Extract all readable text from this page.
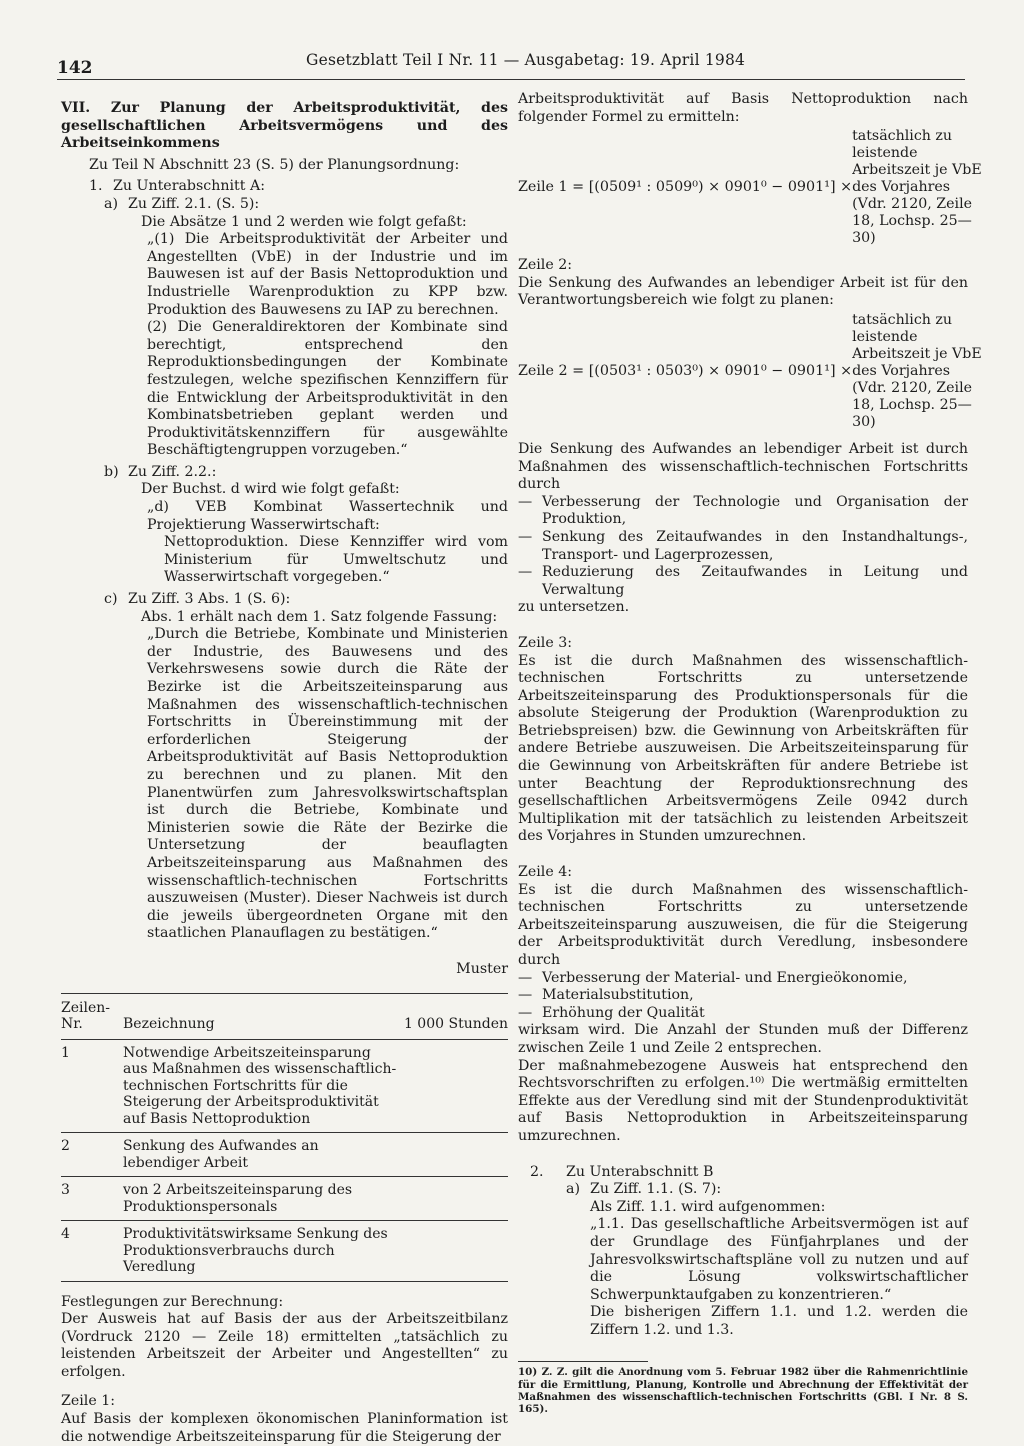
142	Gesetzblatt Teil I Nr. 11 — Ausgabetag: 19. April 1984

VII. Zur Planung der Arbeitsproduktivität, des gesellschaftlichen Arbeitsvermögens und des Arbeitseinkommens

Zu Teil N Abschnitt 23 (S. 5) der Planungsordnung:

1. Zu Unterabschnitt A:
a) Zu Ziff. 2.1. (S. 5):

Die Absätze 1 und 2 werden wie folgt gefaßt:

„(1) Die Arbeitsproduktivität der Arbeiter und Angestellten (VbE) in der Industrie und im Bauwesen ist auf der Basis Nettoproduktion und Industrielle Warenproduktion zu KPP bzw. Produktion des Bauwesens zu IAP zu berechnen.

(2) Die Generaldirektoren der Kombinate sind berechtigt, entsprechend den Reproduktionsbedingungen der Kombinate festzulegen, welche spezifischen Kennziffern für die Entwicklung der Arbeitsproduktivität in den Kombinatsbetrieben geplant werden und Produktivitätskennziffern für ausgewählte Beschäftigtengruppen vorzugeben.“

b) Zu Ziff. 2.2.:

Der Buchst. d wird wie folgt gefaßt:

„d) VEB Kombinat Wassertechnik und Projektierung Wasserwirtschaft:

Nettoproduktion. Diese Kennziffer wird vom Ministerium für Umweltschutz und Wasserwirtschaft vorgegeben.“

c) Zu Ziff. 3 Abs. 1 (S. 6):

Abs. 1 erhält nach dem 1. Satz folgende Fassung:

„Durch die Betriebe, Kombinate und Ministerien der Industrie, des Bauwesens und des Verkehrswesens sowie durch die Räte der Bezirke ist die Arbeitszeiteinsparung aus Maßnahmen des wissenschaftlich-technischen Fortschritts in Übereinstimmung mit der erforderlichen Steigerung der Arbeitsproduktivität auf Basis Nettoproduktion zu berechnen und zu planen. Mit den Planentwürfen zum Jahresvolkswirtschaftsplan ist durch die Betriebe, Kombinate und Ministerien sowie die Räte der Bezirke die Untersetzung der beauflagten Arbeitszeiteinsparung aus Maßnahmen des wissenschaftlich-technischen Fortschritts auszuweisen (Muster). Dieser Nachweis ist durch die jeweils übergeordneten Organe mit den staatlichen Planauflagen zu bestätigen.“

Muster

Zeilen-Nr.	Bezeichnung	1 000 Stunden
1	Notwendige Arbeitszeiteinsparung aus Maßnahmen des wissenschaftlich-technischen Fortschritts für die Steigerung der Arbeitsproduktivität auf Basis Nettoproduktion	
2	Senkung des Aufwandes an lebendiger Arbeit	
3	von 2 Arbeitszeiteinsparung des Produktionspersonals	
4	Produktivitätswirksame Senkung des Produktionsverbrauchs durch Veredlung	

Festlegungen zur Berechnung:

Der Ausweis hat auf Basis der aus der Arbeitszeitbilanz (Vordruck 2120 — Zeile 18) ermittelten „tatsächlich zu leistenden Arbeitszeit der Arbeiter und Angestellten“ zu erfolgen.

Zeile 1:

Auf Basis der komplexen ökonomischen Planinformation ist die notwendige Arbeitszeiteinsparung für die Steigerung der

Arbeitsproduktivität auf Basis Nettoproduktion nach folgender Formel zu ermitteln:

Zeile 1 = [(0509¹ : 0509⁰) × 0901⁰ − 0901¹] ×
tatsächlich zu leistende Arbeitszeit je VbE des Vorjahres (Vdr. 2120, Zeile 18, Lochsp. 25—30)

Zeile 2:

Die Senkung des Aufwandes an lebendiger Arbeit ist für den Verantwortungsbereich wie folgt zu planen:

Zeile 2 = [(0503¹ : 0503⁰) × 0901⁰ − 0901¹] ×
tatsächlich zu leistende Arbeitszeit je VbE des Vorjahres (Vdr. 2120, Zeile 18, Lochsp. 25—30)

Die Senkung des Aufwandes an lebendiger Arbeit ist durch Maßnahmen des wissenschaftlich-technischen Fortschritts durch

— Verbesserung der Technologie und Organisation der Produktion,
— Senkung des Zeitaufwandes in den Instandhaltungs-, Transport- und Lagerprozessen,
— Reduzierung des Zeitaufwandes in Leitung und Verwaltung

zu untersetzen.

Zeile 3:

Es ist die durch Maßnahmen des wissenschaftlich-technischen Fortschritts zu untersetzende Arbeitszeiteinsparung des Produktionspersonals für die absolute Steigerung der Produktion (Warenproduktion zu Betriebspreisen) bzw. die Gewinnung von Arbeitskräften für andere Betriebe auszuweisen. Die Arbeitszeiteinsparung für die Gewinnung von Arbeitskräften für andere Betriebe ist unter Beachtung der Reproduktionsrechnung des gesellschaftlichen Arbeitsvermögens Zeile 0942 durch Multiplikation mit der tatsächlich zu leistenden Arbeitszeit des Vorjahres in Stunden umzurechnen.

Zeile 4:

Es ist die durch Maßnahmen des wissenschaftlich-technischen Fortschritts zu untersetzende Arbeitszeiteinsparung auszuweisen, die für die Steigerung der Arbeitsproduktivität durch Veredlung, insbesondere durch

— Verbesserung der Material- und Energieökonomie,
— Materialsubstitution,
— Erhöhung der Qualität

wirksam wird. Die Anzahl der Stunden muß der Differenz zwischen Zeile 1 und Zeile 2 entsprechen.

Der maßnahmebezogene Ausweis hat entsprechend den Rechtsvorschriften zu erfolgen.¹⁰⁾ Die wertmäßig ermittelten Effekte aus der Veredlung sind mit der Stundenproduktivität auf Basis Nettoproduktion in Arbeitszeiteinsparung umzurechnen.

2.	Zu Unterabschnitt B
a) Zu Ziff. 1.1. (S. 7):

Als Ziff. 1.1. wird aufgenommen:

„1.1. Das gesellschaftliche Arbeitsvermögen ist auf der Grundlage des Fünfjahrplanes und der Jahresvolkswirtschaftspläne voll zu nutzen und auf die Lösung volkswirtschaftlicher Schwerpunktaufgaben zu konzentrieren.“

Die bisherigen Ziffern 1.1. und 1.2. werden die Ziffern 1.2. und 1.3.

10) Z. Z. gilt die Anordnung vom 5. Februar 1982 über die Rahmenrichtlinie für die Ermittlung, Planung, Kontrolle und Abrechnung der Effektivität der Maßnahmen des wissenschaftlich-technischen Fortschritts (GBl. I Nr. 8 S. 165).
